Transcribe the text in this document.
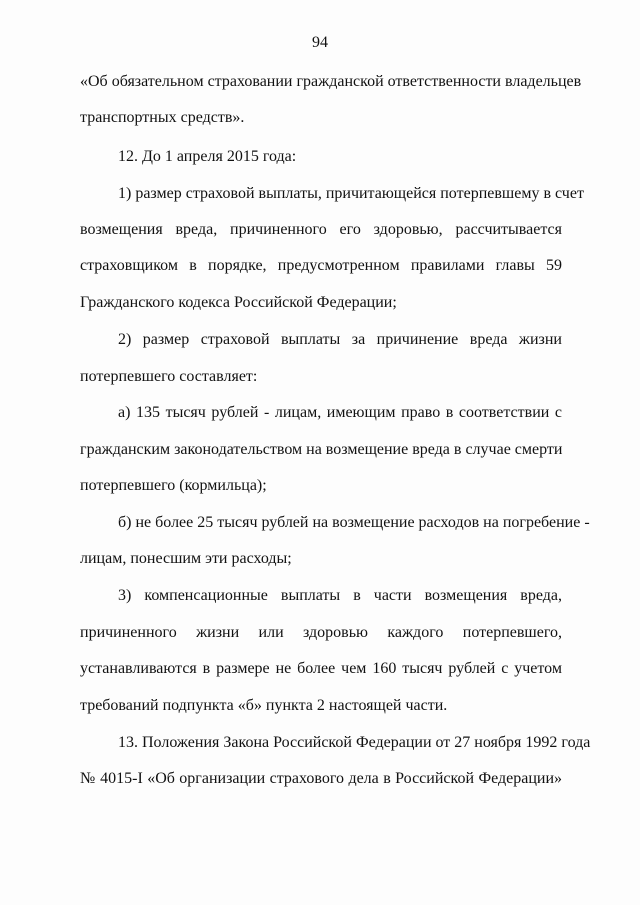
94
«Об обязательном страховании гражданской ответственности владельцев
транспортных средств».
12. До 1 апреля 2015 года:
1) размер страховой выплаты, причитающейся потерпевшему в счет
возмещения вреда, причиненного его здоровью, рассчитывается
страховщиком в порядке, предусмотренном правилами главы 59
Гражданского кодекса Российской Федерации;
2) размер страховой выплаты за причинение вреда жизни
потерпевшего составляет:
а) 135 тысяч рублей - лицам, имеющим право в соответствии с
гражданским законодательством на возмещение вреда в случае смерти
потерпевшего (кормильца);
б) не более 25 тысяч рублей на возмещение расходов на погребение -
лицам, понесшим эти расходы;
3) компенсационные выплаты в части возмещения вреда,
причиненного жизни или здоровью каждого потерпевшего,
устанавливаются в размере не более чем 160 тысяч рублей с учетом
требований подпункта «б» пункта 2 настоящей части.
13. Положения Закона Российской Федерации от 27 ноября 1992 года
№ 4015-I «Об организации страхового дела в Российской Федерации»
